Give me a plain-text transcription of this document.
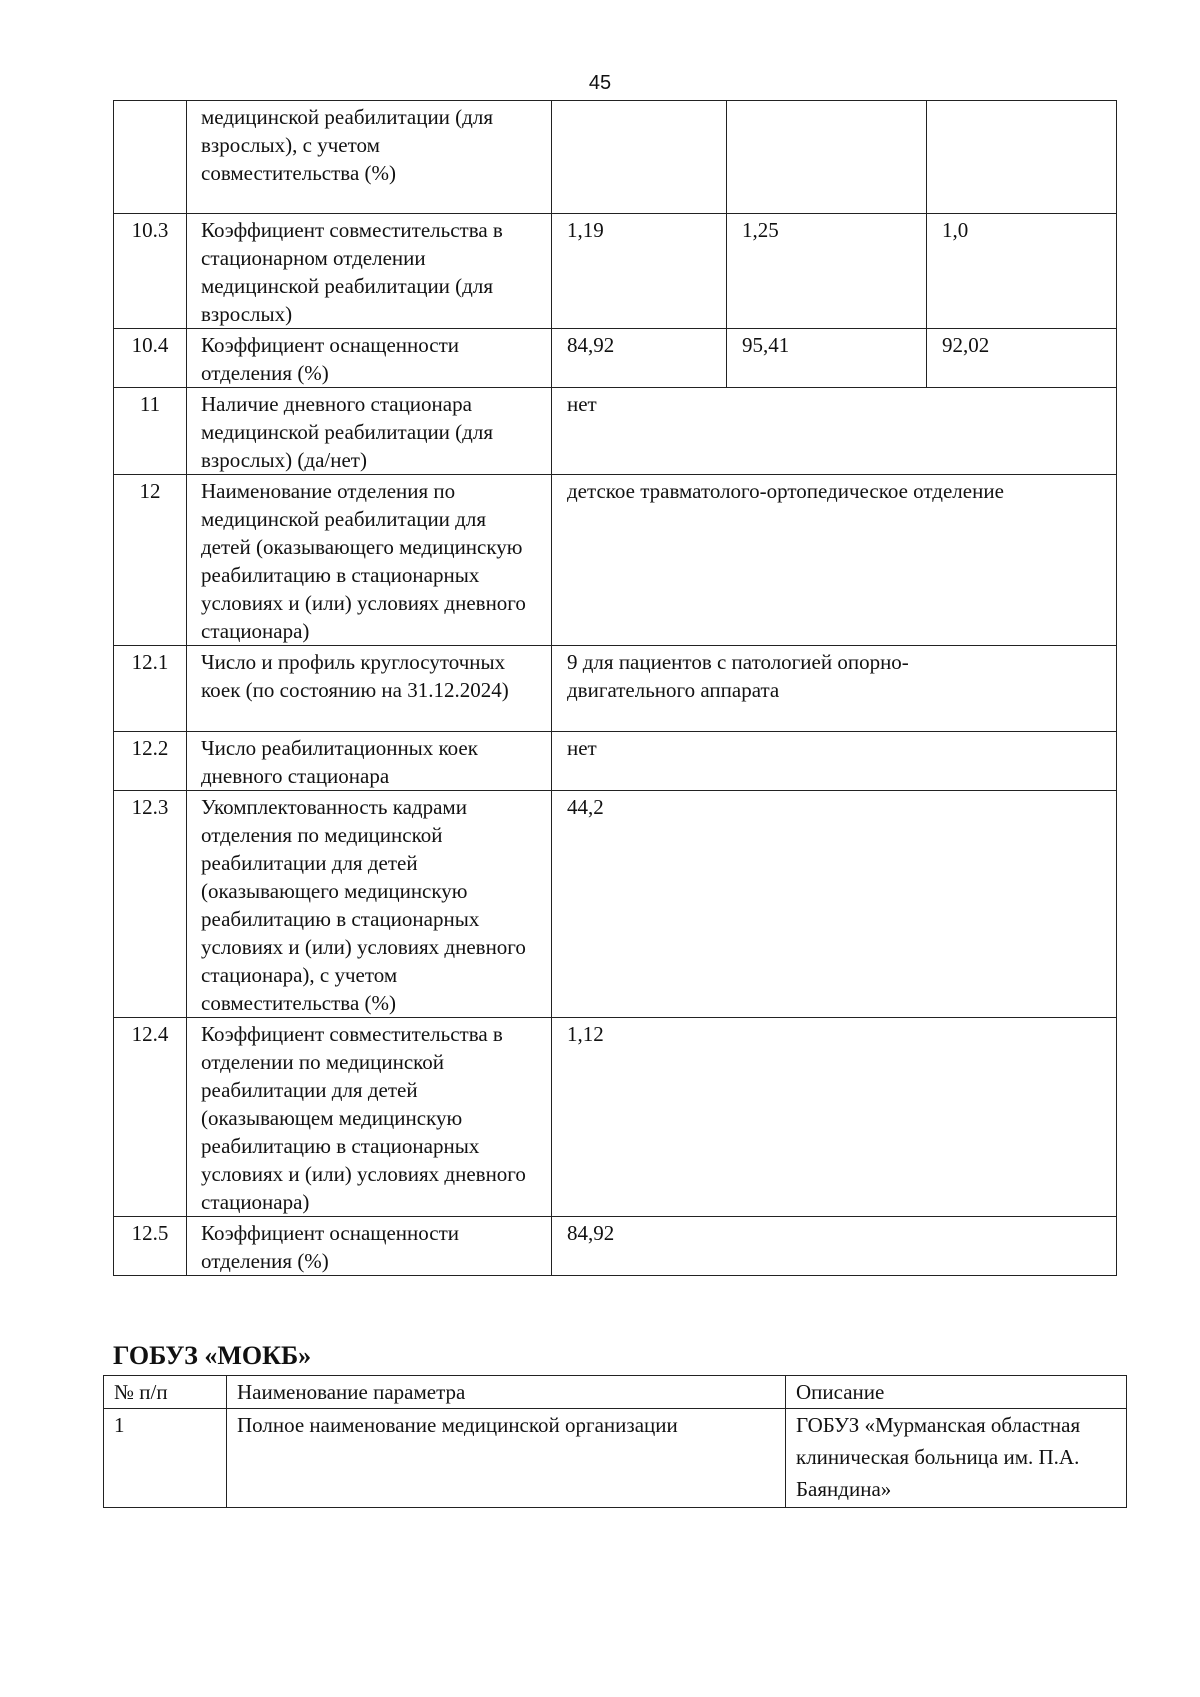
45
	медицинской реабилитации (для взрослых), с учетом совместительства (%)			
10.3	Коэффициент совместительства в стационарном отделении медицинской реабилитации (для взрослых)	1,19	1,25	1,0
10.4	Коэффициент оснащенности отделения (%)	84,92	95,41	92,02
11	Наличие дневного стационара медицинской реабилитации (для взрослых) (да/нет)	нет		
12	Наименование отделения по медицинской реабилитации для детей (оказывающего медицинскую реабилитацию в стационарных условиях и (или) условиях дневного стационара)	детское травматолого-ортопедическое отделение		
12.1	Число и профиль круглосуточных коек (по состоянию на 31.12.2024)	9 для пациентов с патологией опорно-двигательного аппарата		

12.2	Число реабилитационных коек дневного стационара	нет		
12.3	Укомплектованность кадрами отделения по медицинской реабилитации для детей (оказывающего медицинскую реабилитацию в стационарных условиях и (или) условиях дневного стационара), с учетом совместительства (%)	44,2		
12.4	Коэффициент совместительства в отделении по медицинской реабилитации для детей (оказывающем медицинскую реабилитацию в стационарных условиях и (или) условиях дневного стационара)	1,12		
12.5	Коэффициент оснащенности отделения (%)	84,92		
ГОБУЗ «МОКБ»
№ п/п	Наименование параметра	Описание
1	Полное наименование медицинской организации	ГОБУЗ «Мурманская областная клиническая больница им. П.А. Баяндина»
